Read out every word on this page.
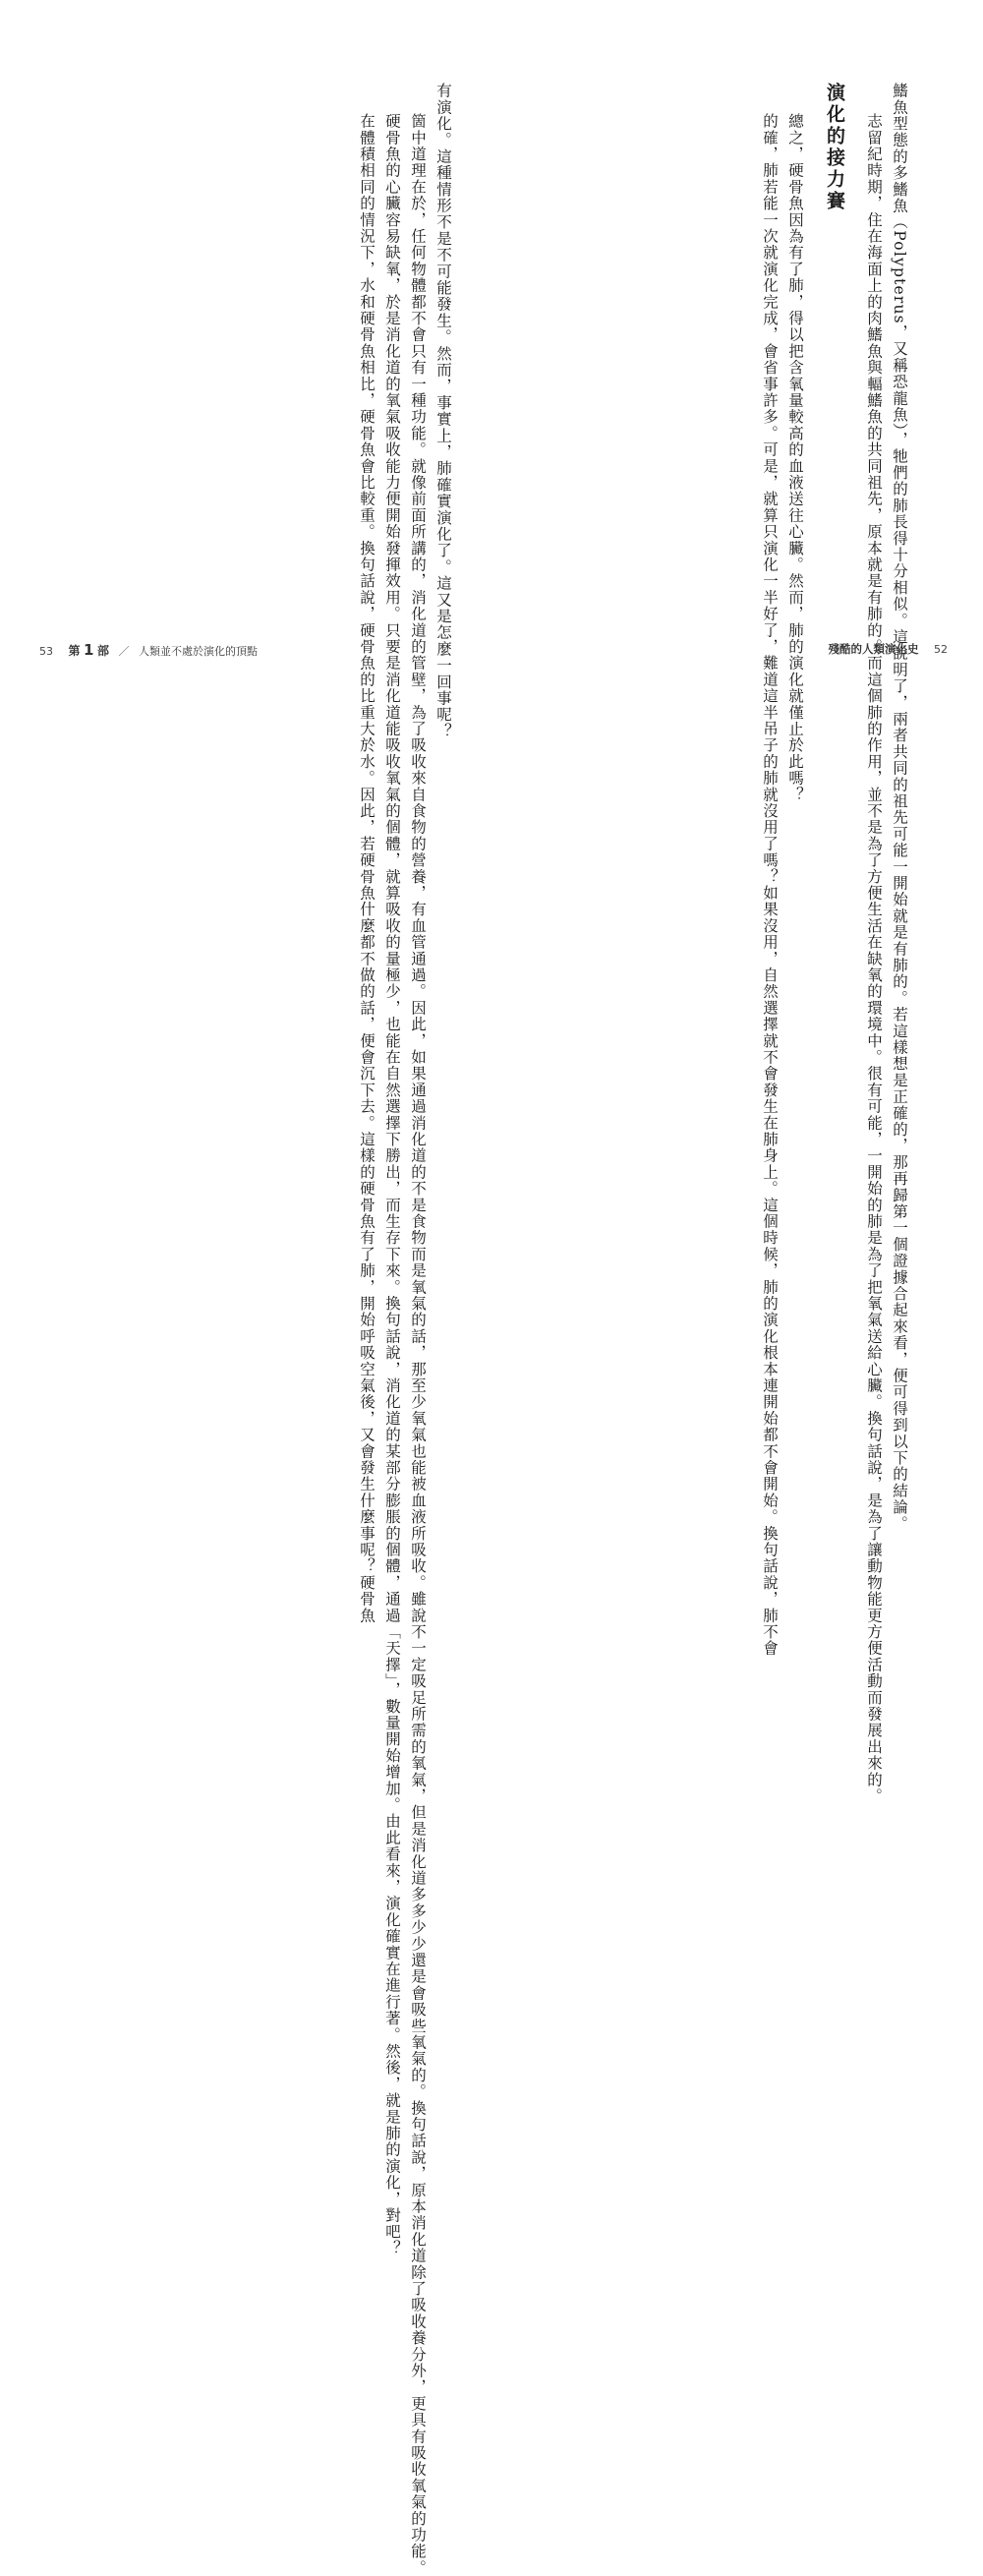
有演化。這種情形不是不可能發生。然而，事實上，肺確實演化了。這又是怎麼一回事呢？

箇中道理在於，任何物體都不會只有一種功能。就像前面所講的，消化道的管壁，為了吸收來自食物的營養，有血管通過。因此，如果通過消化道的不是食物而是氧氣的話，那至少氧氣也能被血液所吸收。雖說不一定吸足所需的氧氣，但是消化道多多少少還是會吸些氧氣的。換句話說，原本消化道除了吸收養分外，更具有吸收氧氣的功能。

硬骨魚的心臟容易缺氧，於是消化道的氧氣吸收能力便開始發揮效用。只要是消化道能吸收氧氣的個體，就算吸收的量極少，也能在自然選擇下勝出，而生存下來。換句話說，消化道的某部分膨脹的個體，通過「天擇」，數量開始增加。由此看來，演化確實在進行著。然後，就是肺的演化，對吧？

在體積相同的情況下，水和硬骨魚相比，硬骨魚會比較重。換句話說，硬骨魚的比重大於水。因此，若硬骨魚什麼都不做的話，便會沉下去。這樣的硬骨魚有了肺，開始呼吸空氣後，又會發生什麼事呢？硬骨魚

53 第 1 部 ／ 人類並不處於演化的頂點	鰭魚型態的多鰭魚（Polypterus，又稱恐龍魚），牠們的肺長得十分相似。這說明了，兩者共同的祖先可能一開始就是有肺的。若這樣想是正確的，那再歸第一個證據合起來看，便可得到以下的結論。

志留紀時期，住在海面上的肉鰭魚與輻鰭魚的共同祖先，原本就是有肺的。而這個肺的作用，並不是為了方便生活在缺氧的環境中。很有可能，一開始的肺是為了把氧氣送給心臟。換句話說，是為了讓動物能更方便活動而發展出來的。

演化的接力賽

總之，硬骨魚因為有了肺，得以把含氧量較高的血液送往心臟。然而，肺的演化就僅止於此嗎？

的確，肺若能一次就演化完成，會省事許多。可是，就算只演化一半好了，難道這半吊子的肺就沒用了嗎？如果沒用，自然選擇就不會發生在肺身上。這個時候，肺的演化根本連開始都不會開始。換句話說，肺不會	殘酷的人類演化史 52
